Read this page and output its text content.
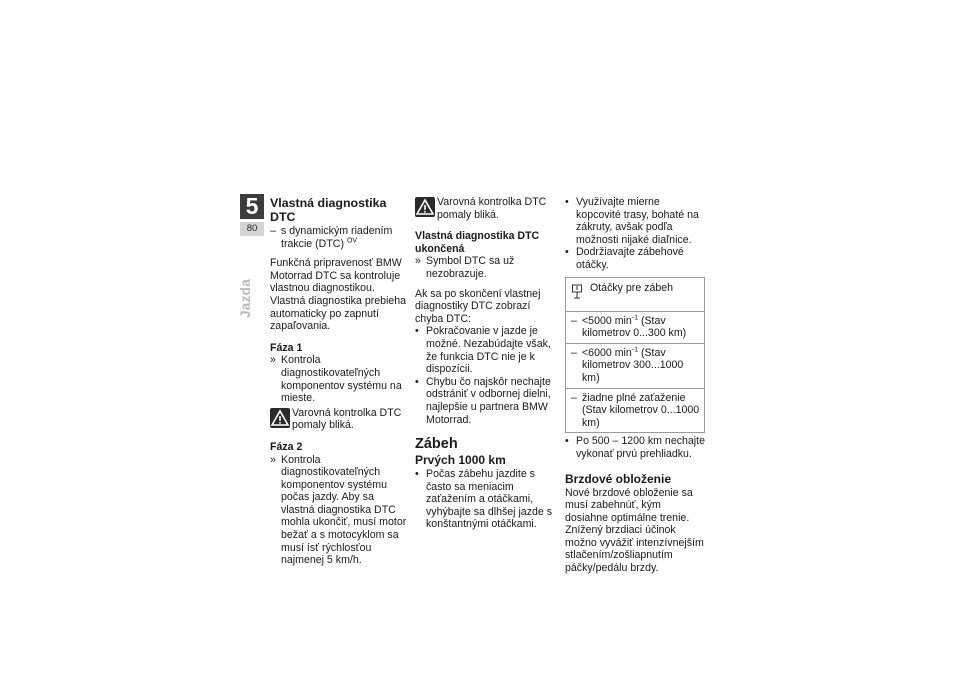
5
80
Jazda
Vlastná diagnostika DTC
– s dynamickým riadením trakcie (DTC) $^{OV}$
Funkčná pripravenosť BMW Motorrad DTC sa kontroluje vlastnou diagnostikou. Vlastná diagnostika prebieha automaticky po zapnutí zapaľovania.
Fáza 1
» Kontrola diagnostikovateľných komponentov systému na mieste.
Varovná kontrolka DTC pomaly bliká.
Fáza 2
» Kontrola diagnostikovateľných komponentov systému počas jazdy. Aby sa vlastná diagnostika DTC mohla ukončiť, musí motor bežať a s motocyklom sa musí ísť rýchlosťou najmenej 5 km/h.
Varovná kontrolka DTC pomaly bliká.
Vlastná diagnostika DTC ukončená
» Symbol DTC sa už nezobrazuje.
Ak sa po skončení vlastnej diagnostiky DTC zobrazí chyba DTC:
• Pokračovanie v jazde je možné. Nezabúdajte však, že funkcia DTC nie je k dispozícii.
• Chybu čo najskôr nechajte odstrániť v odbornej dielni, najlepšie u partnera BMW Motorrad.
Zábeh
Prvých 1000 km
• Počas zábehu jazdite s často sa meniacim zaťažením a otáčkami, vyhýbajte sa dlhšej jazde s konštantnými otáčkami.
• Využívajte mierne kopcovité trasy, bohaté na zákruty, avšak podľa možnosti nijaké diaľnice.
• Dodržiavajte zábehové otáčky.
Otáčky pre zábeh
– <5000 $\min^{-1}$ (Stav kilometrov 0...300 km)
– <6000 $\min^{-1}$ (Stav kilometrov 300...1000 km)
– žiadne plné zaťaženie (Stav kilometrov 0...1000 km)
• Po 500 – 1200 km nechajte vykonať prvú prehliadku.
Brzdové obloženie
Nové brzdové obloženie sa musí zabehnúť, kým dosiahne optimálne trenie. Znížený brzdiaci účinok možno vyvážiť intenzívnejším stlačením/zošliapnutím páčky/pedálu brzdy.
